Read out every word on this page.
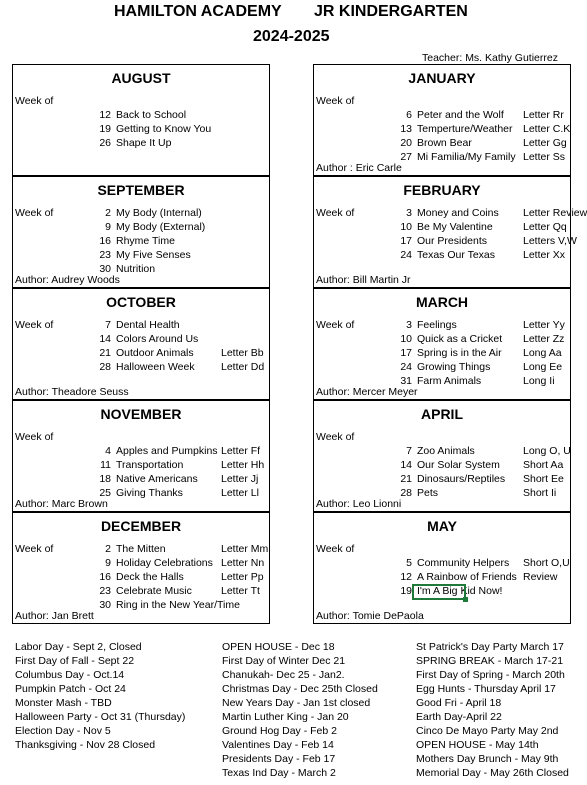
HAMILTON ACADEMY JR KINDERGARTEN
2024-2025
Teacher: Ms. Kathy Gutierrez
AUGUST
Week of
12 Back to School
19 Getting to Know You
26 Shape It Up
JANUARY
Week of
6 Peter and the Wolf Letter Rr
13 Temperture/Weather Letter C.K
20 Brown Bear	Letter Gg
27 Mi Familia/My Family Letter Ss
Author : Eric Carle
SEPTEMBER
Week of	2 My Body (Internal)
9 My Body (External)
16 Rhyme Time
23 My Five Senses
30 Nutrition
Author: Audrey Woods
FEBRUARY
Week of	3 Money and Coins Letter Review
10 Be My Valentine	Letter Qq
17 Our Presidents	Letters V,W
24 Texas Our Texas	Letter Xx
Author: Bill Martin Jr
OCTOBER
Week of	7 Dental Health
14 Colors Around Us
21 Outdoor Animals	Letter Bb
28 Halloween Week	Letter Dd
Author: Theadore Seuss
MARCH
Week of	3 Feelings	Letter Yy
10 Quick as a Cricket Letter Zz
17 Spring is in the Air Long Aa
24 Growing Things	Long Ee
31 Farm Animals	Long Ii
Author: Mercer Meyer
NOVEMBER
Week of
4 Apples and Pumpkins Letter Ff
11 Transportation	Letter Hh
18 Native Americans Letter Jj
25 Giving Thanks	Letter Ll
Author: Marc Brown
APRIL
Week of
7 Zoo Animals	Long O, U
14 Our Solar System Short Aa
21 Dinosaurs/Reptiles Short Ee
28 Pets	Short Ii
Author: Leo Lionni
DECEMBER
Week of	2 The Mitten	Letter Mm
9 Holiday Celebrations Letter Nn
16 Deck the Halls	Letter Pp
23 Celebrate Music	Letter Tt
30 Ring in the New Year/Time
Author: Jan Brett
MAY
Week of
5 Community Helpers Short O,U
12 A Rainbow of Friends Review
19 I'm A Big Kid Now!
Author: Tomie DePaola
Labor Day - Sept 2, Closed
First Day of Fall - Sept 22
Columbus Day - Oct.14
Pumpkin Patch - Oct 24
Monster Mash - TBD
Halloween Party - Oct 31 (Thursday)
Election Day - Nov 5
Thanksgiving - Nov 28 Closed
OPEN HOUSE - Dec 18
First Day of Winter Dec 21
Chanukah- Dec 25 - Jan2.
Christmas Day - Dec 25th Closed
New Years Day - Jan 1st closed
Martin Luther King - Jan 20
Ground Hog Day - Feb 2
Valentines Day - Feb 14
Presidents Day - Feb 17
Texas Ind Day - March 2
St Patrick's Day Party March 17
SPRING BREAK - March 17-21
First Day of Spring - March 20th
Egg Hunts - Thursday April 17
Good Fri - April 18
Earth Day-April 22
Cinco De Mayo Party May 2nd
OPEN HOUSE - May 14th
Mothers Day Brunch - May 9th
Memorial Day - May 26th Closed
